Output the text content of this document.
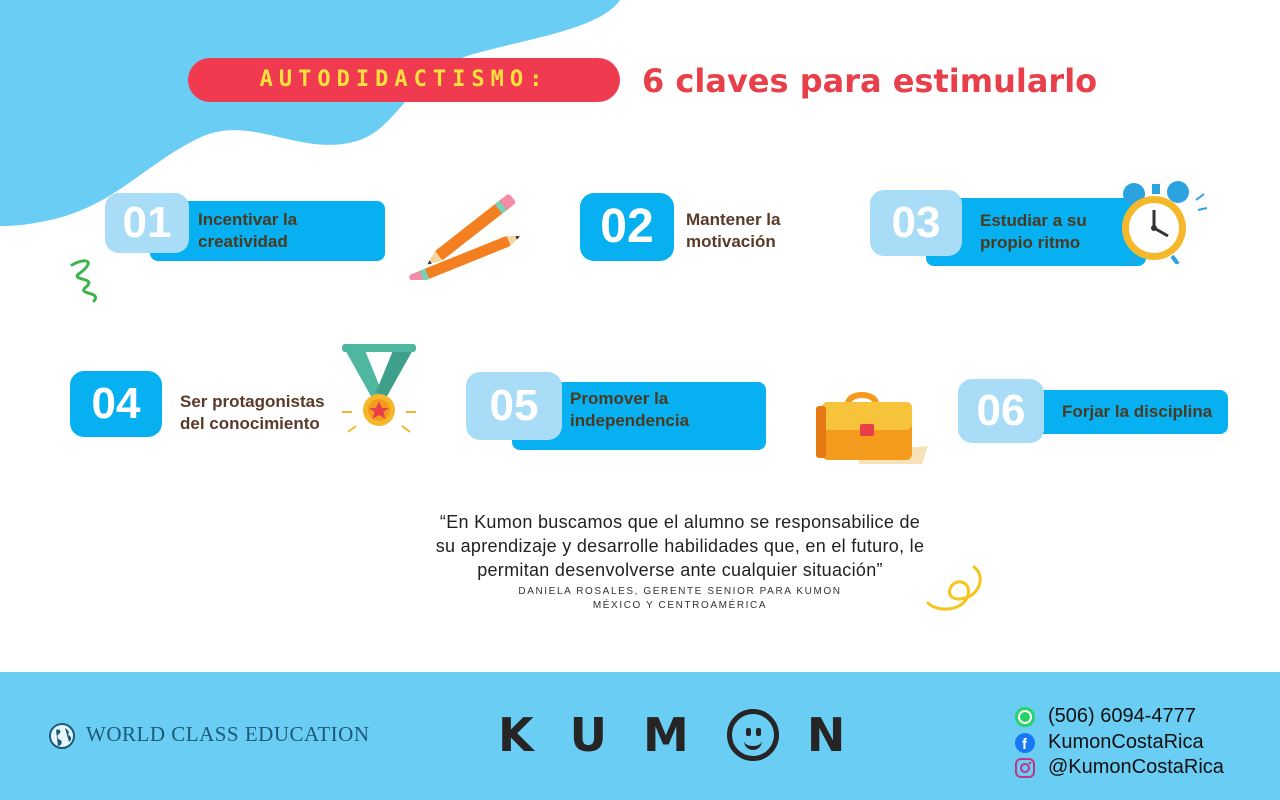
AUTODIDACTISMO:	6 claves para estimularlo
01	Incentivar la
creatividad	02	Mantener la
motivación	03	Estudiar a su
propio ritmo
04	Ser protagonistas
del conocimiento	05	Promover la
independencia	06	Forjar la disciplina
“En Kumon buscamos que el alumno se responsabilice de
su aprendizaje y desarrolle habilidades que, en el futuro, le
permitan desenvolverse ante cualquier situación”
DANIELA ROSALES, GERENTE SENIOR PARA KUMON
MÉXICO Y CENTROAMÉRICA
WORLD CLASS EDUCATION	K U M
N	(506) 6094-4777
f KumonCostaRica
@KumonCostaRica
